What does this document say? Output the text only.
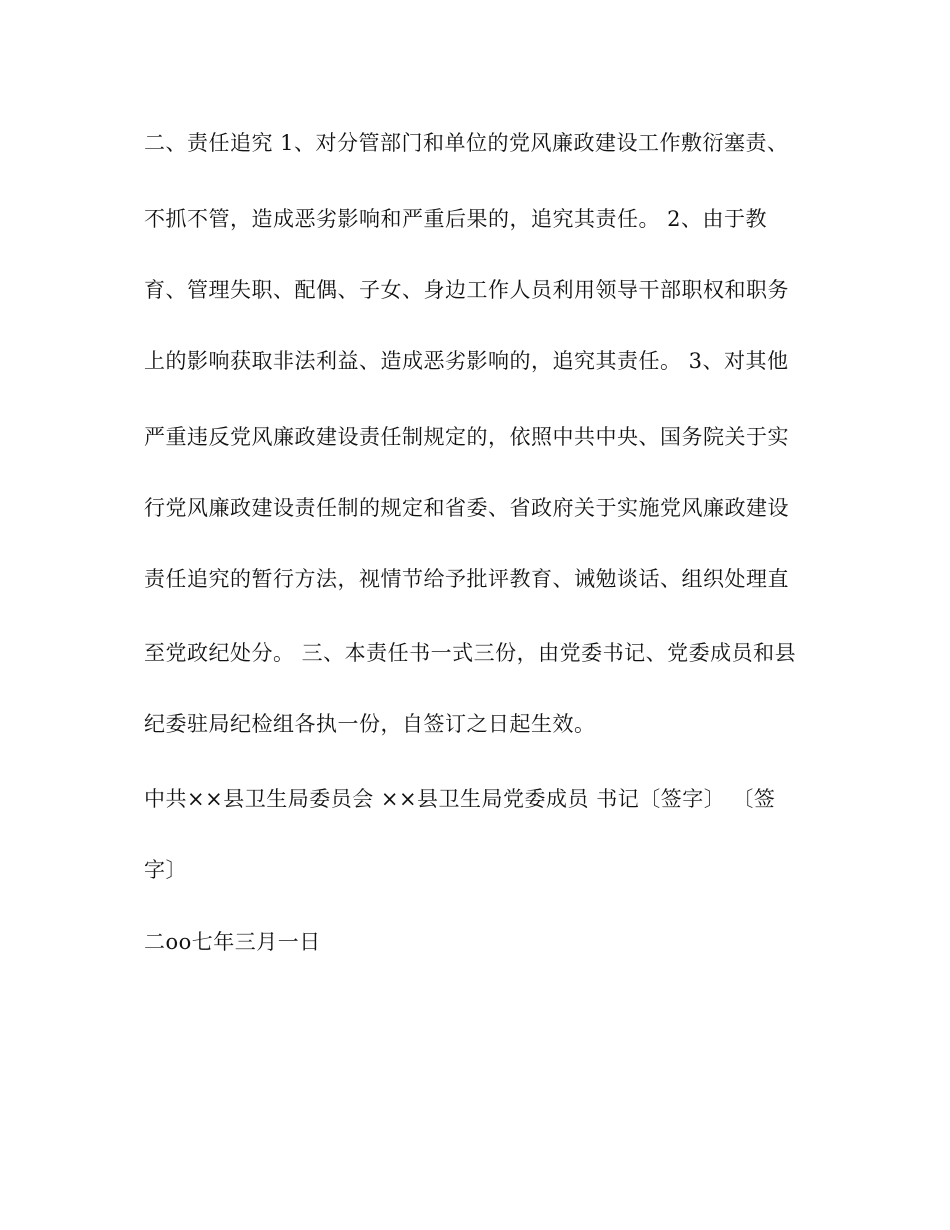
二、责任追究 1、对分管部门和单位的党风廉政建设工作敷衍塞责、
不抓不管，造成恶劣影响和严重后果的，追究其责任。 2、由于教
育、管理失职、配偶、子女、身边工作人员利用领导干部职权和职务
上的影响获取非法利益、造成恶劣影响的，追究其责任。 3、对其他
严重违反党风廉政建设责任制规定的，依照中共中央、国务院关于实
行党风廉政建设责任制的规定和省委、省政府关于实施党风廉政建设
责任追究的暂行方法，视情节给予批评教育、诫勉谈话、组织处理直
至党政纪处分。 三、本责任书一式三份，由党委书记、党委成员和县
纪委驻局纪检组各执一份，自签订之日起生效。
中共××县卫生局委员会 ××县卫生局党委成员 书记〔签字〕 〔签
字〕
二oo七年三月一日
